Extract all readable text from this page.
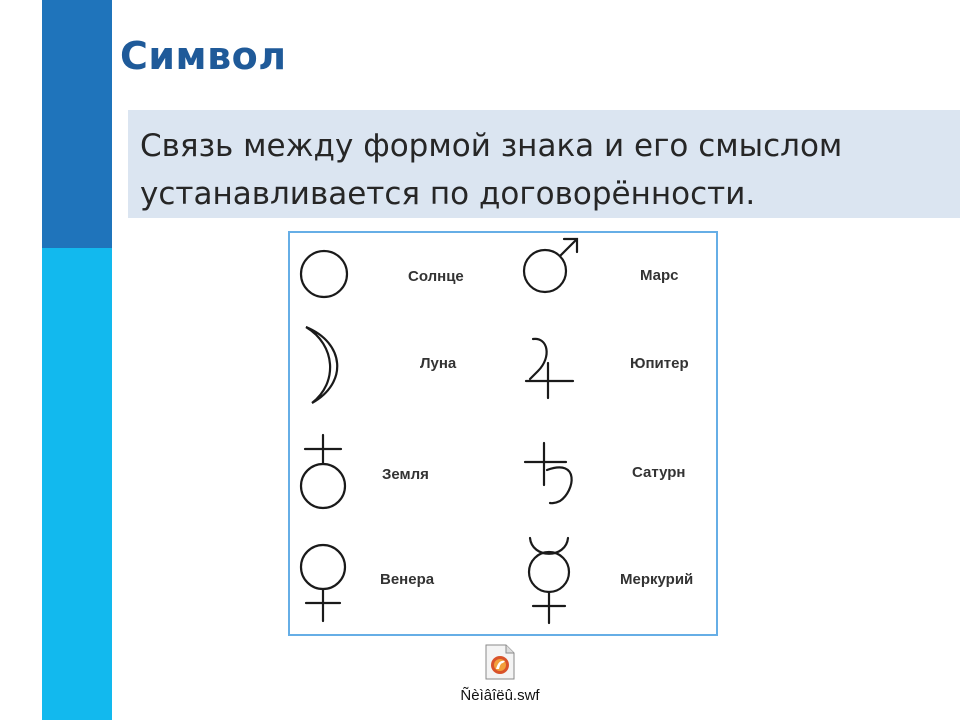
Символ
Связь между формой знака и его смыслом
устанавливается по договорённости.
Солнце
Луна
Земля
Венера
Марс
Юпитер
Сатурн
Меркурий
Ñèìâîëû.swf
